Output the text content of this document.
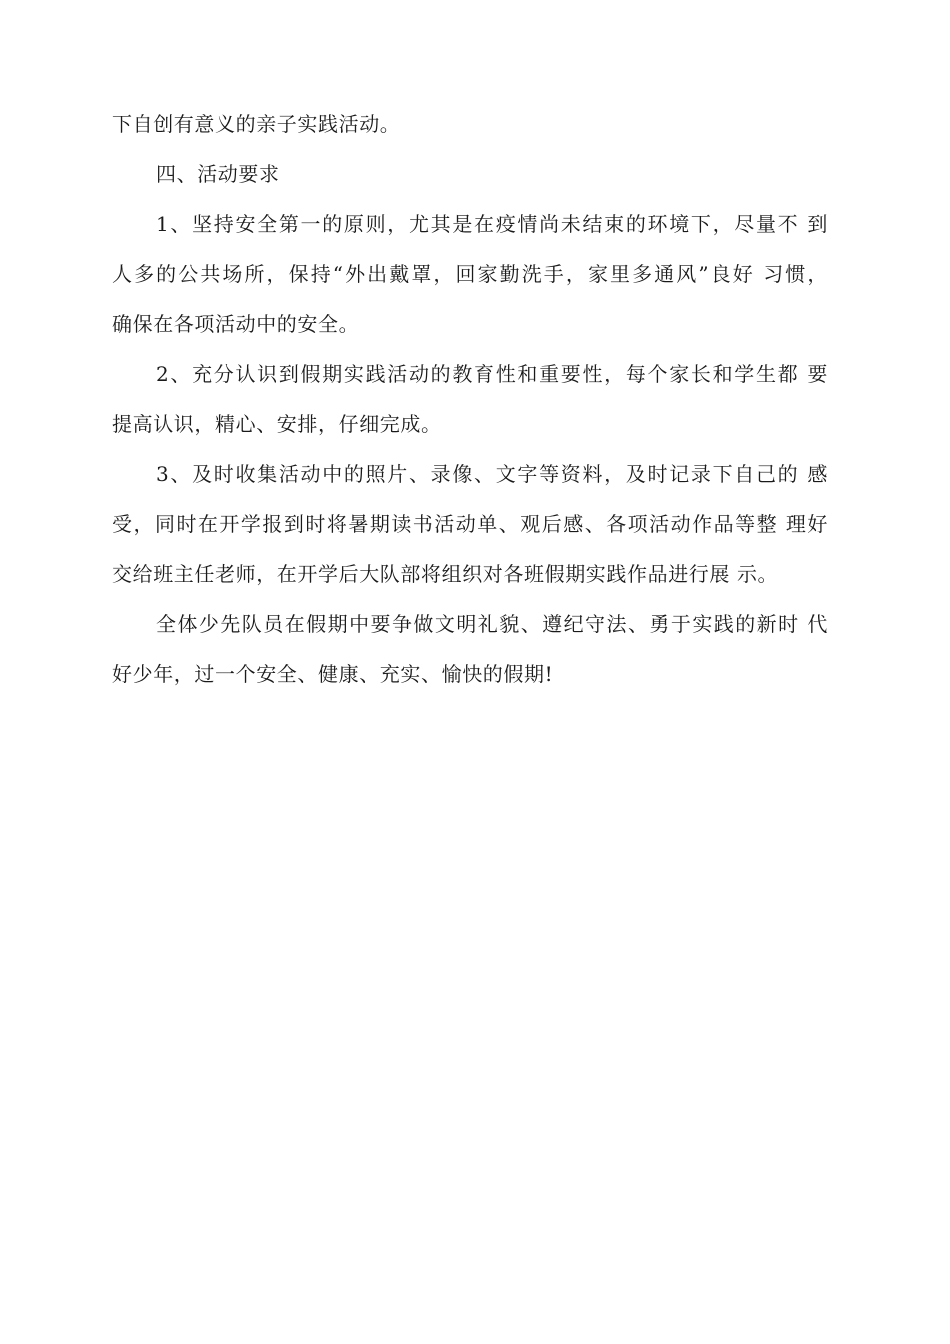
下自创有意义的亲子实践活动。
四、活动要求
1、坚持安全第一的原则，尤其是在疫情尚未结束的环境下，尽量不 到
人多的公共场所，保持“外出戴罩，回家勤洗手，家里多通风”良好 习惯，
确保在各项活动中的安全。
2、充分认识到假期实践活动的教育性和重要性，每个家长和学生都 要
提高认识，精心、安排，仔细完成。
3、及时收集活动中的照片、录像、文字等资料，及时记录下自己的 感
受，同时在开学报到时将暑期读书活动单、观后感、各项活动作品等整 理好
交给班主任老师，在开学后大队部将组织对各班假期实践作品进行展 示。
全体少先队员在假期中要争做文明礼貌、遵纪守法、勇于实践的新时 代
好少年，过一个安全、健康、充实、愉快的假期!
